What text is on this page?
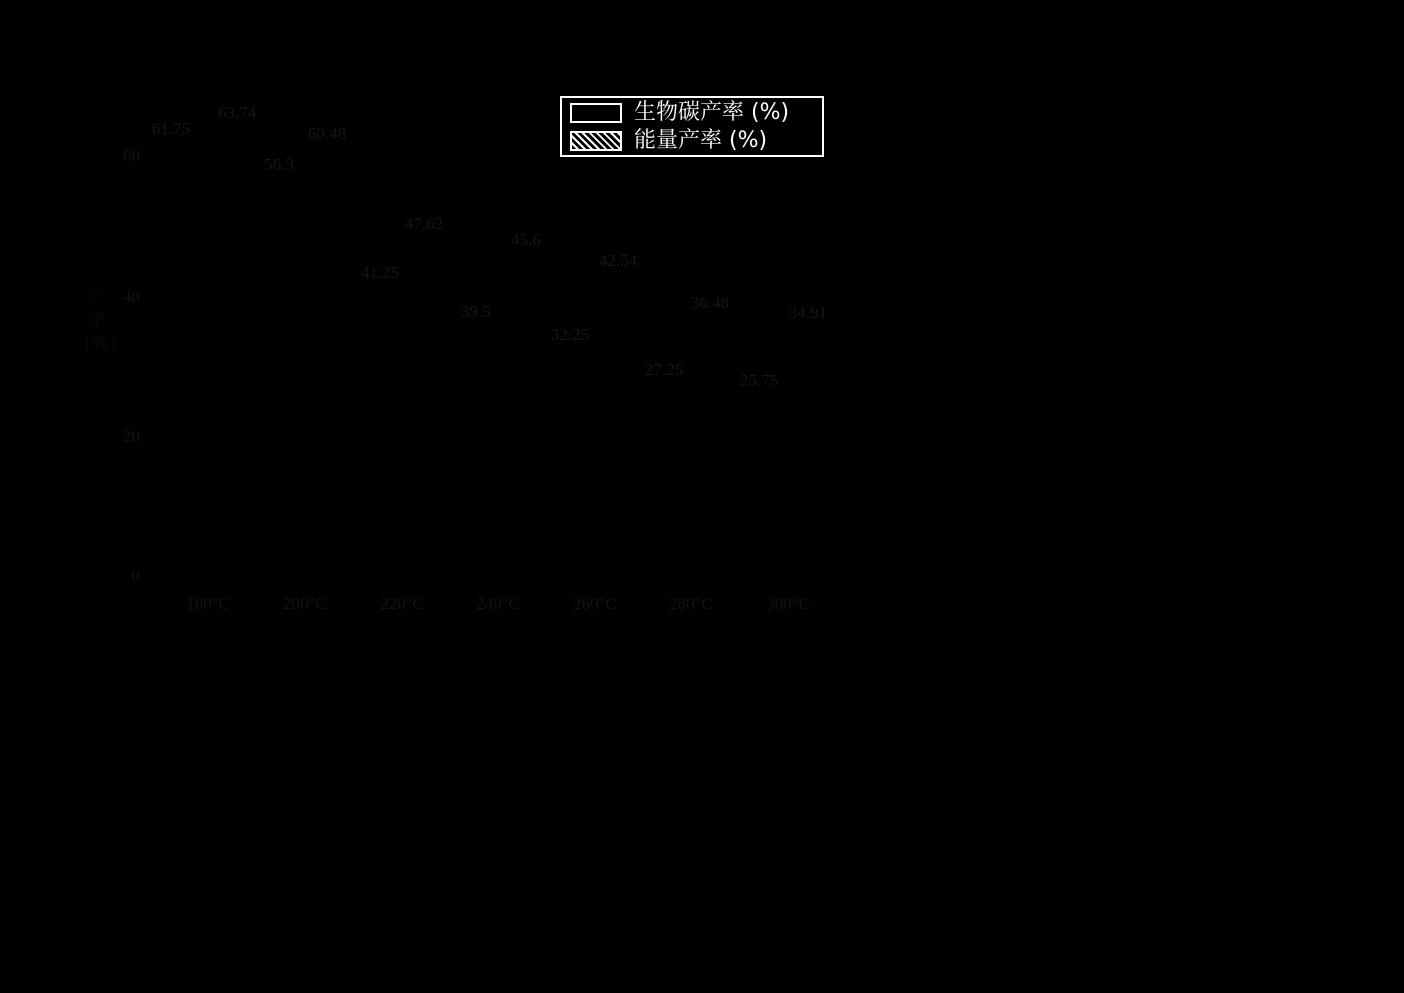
生物碳产率 (%)
能量产率 (%)
产率 (%)
60
40
20
0
180°C	200°C	220°C	240°C	260°C	280°C	300°C
63.74
61.75	60.48
56.3
47.62
45.6
42.54
41.25
39.5	36.48
34.91
32.25
27.25
25.75
